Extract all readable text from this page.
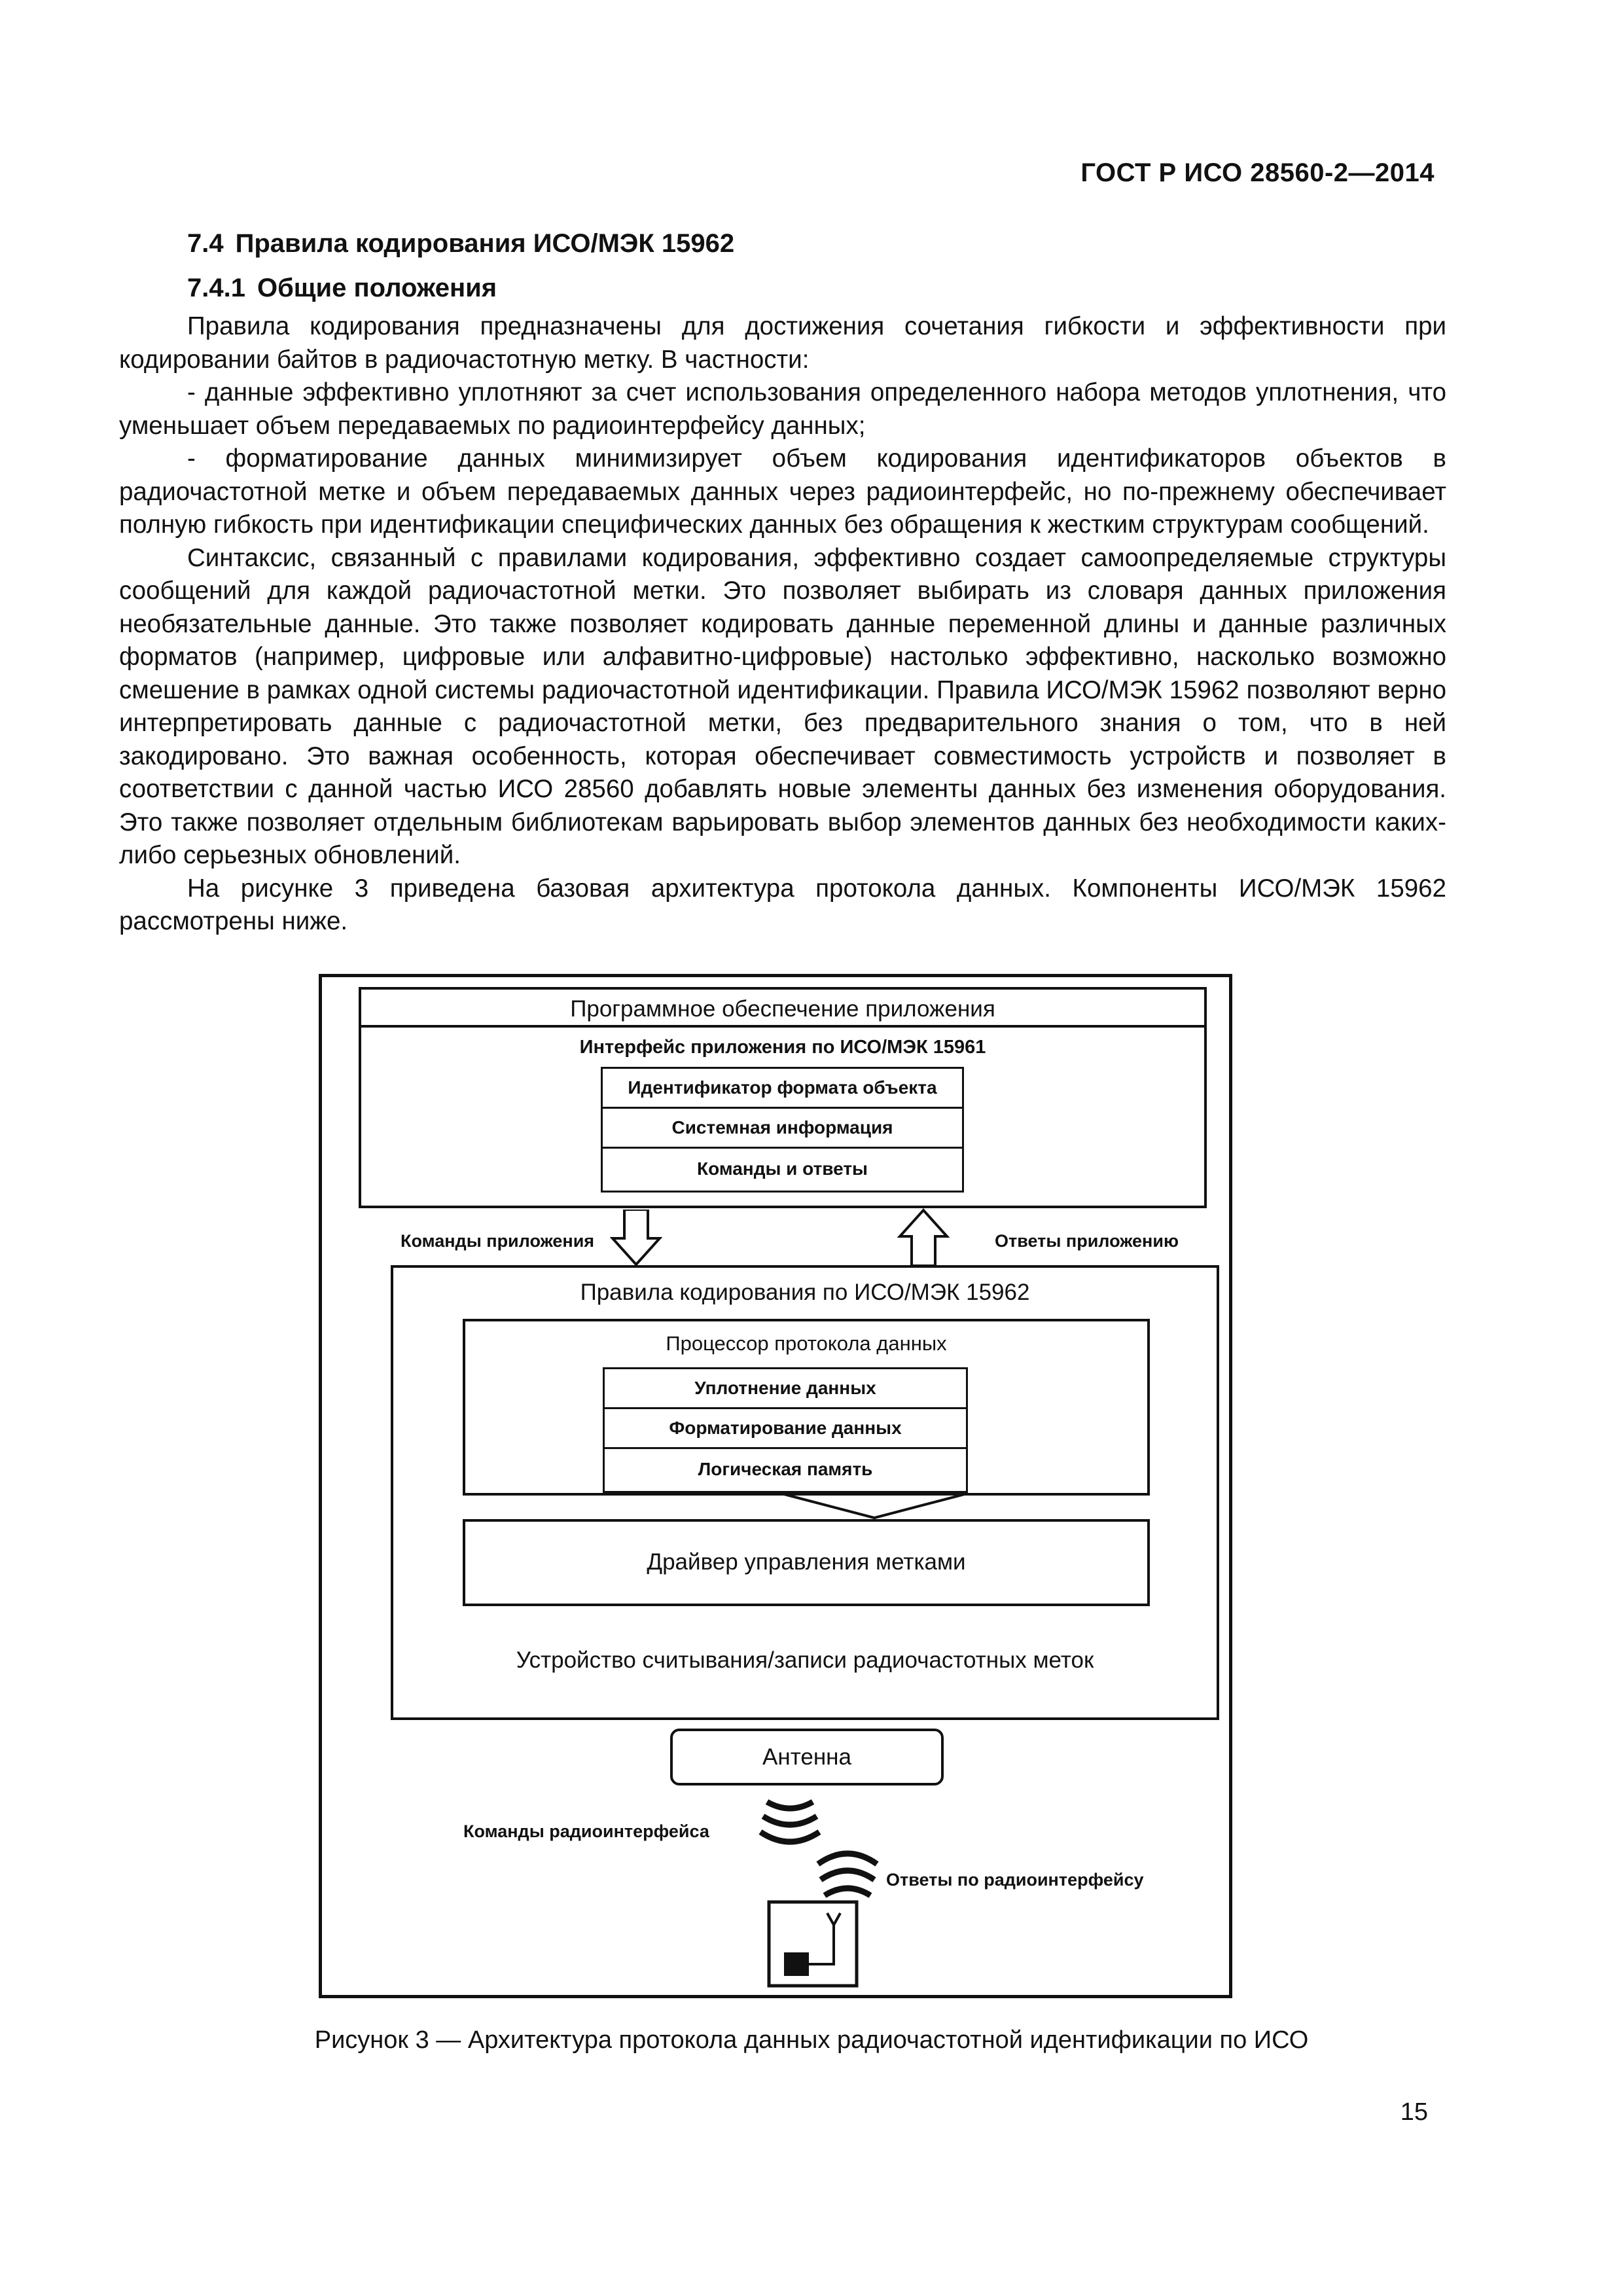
ГОСТ Р ИСО 28560-2—2014
7.4 Правила кодирования ИСО/МЭК 15962
7.4.1 Общие положения

Правила кодирования предназначены для достижения сочетания гибкости и эффективности при кодировании байтов в радиочастотную метку. В частности:

- данные эффективно уплотняют за счет использования определенного набора методов уплотнения, что уменьшает объем передаваемых по радиоинтерфейсу данных;

- форматирование данных минимизирует объем кодирования идентификаторов объектов в радиочастотной метке и объем передаваемых данных через радиоинтерфейс, но по-прежнему обеспечивает полную гибкость при идентификации специфических данных без обращения к жестким структурам сообщений.

Синтаксис, связанный с правилами кодирования, эффективно создает самоопределяемые структуры сообщений для каждой радиочастотной метки. Это позволяет выбирать из словаря данных приложения необязательные данные. Это также позволяет кодировать данные переменной длины и данные различных форматов (например, цифровые или алфавитно-цифровые) настолько эффективно, насколько возможно смешение в рамках одной системы радиочастотной идентификации. Правила ИСО/МЭК 15962 позволяют верно интерпретировать данные с радиочастотной метки, без предварительного знания о том, что в ней закодировано. Это важная особенность, которая обеспечивает совместимость устройств и позволяет в соответствии с данной частью ИСО 28560 добавлять новые элементы данных без изменения оборудования. Это также позволяет отдельным библиотекам варьировать выбор элементов данных без необходимости каких-либо серьезных обновлений.

На рисунке 3 приведена базовая архитектура протокола данных. Компоненты ИСО/МЭК 15962 рассмотрены ниже.

Программное обеспечение приложения
Интерфейс приложения по ИСО/МЭК 15961
Идентификатор формата объекта
Системная информация
Команды и ответы
Команды приложения	Ответы приложению
Правила кодирования по ИСО/МЭК 15962
Процессор протокола данных
Уплотнение данных
Форматирование данных
Логическая память
Драйвер управления метками
Устройство считывания/записи радиочастотных меток
Антенна
Команды радиоинтерфейса
Ответы по радиоинтерфейсу
Рисунок 3 — Архитектура протокола данных радиочастотной идентификации по ИСО
15
